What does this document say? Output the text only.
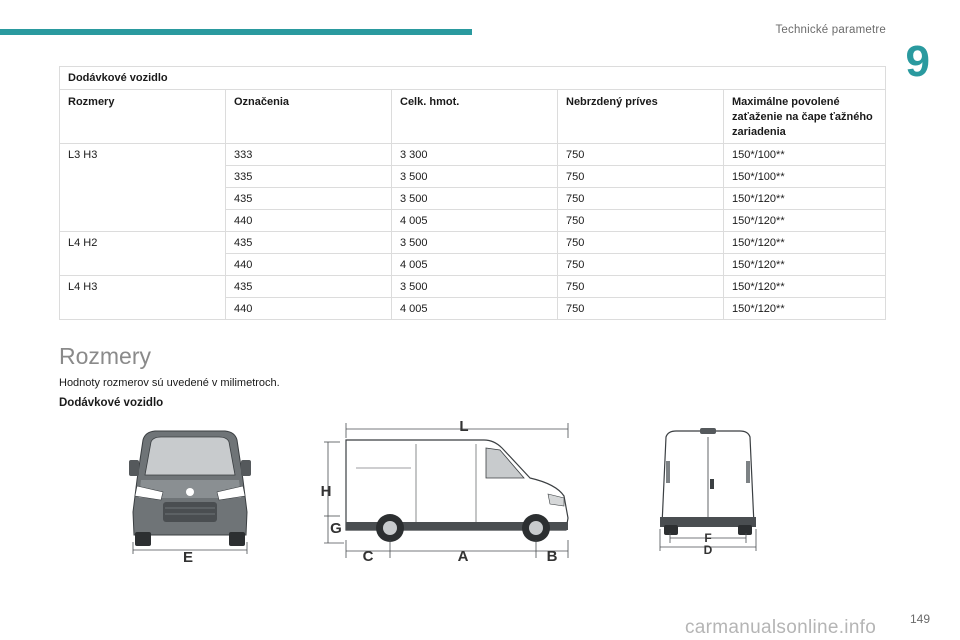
Technické parametre
9
Dodávkové vozidlo				
Rozmery	Označenia	Celk. hmot.	Nebrzdený príves	Maximálne povolené zaťaženie na čape ťažného zariadenia
L3 H3	333	3 300	750	150*/100**
	335	3 500	750	150*/100**
	435	3 500	750	150*/120**
	440	4 005	750	150*/120**
L4 H2	435	3 500	750	150*/120**
	440	4 005	750	150*/120**
L4 H3	435	3 500	750	150*/120**
	440	4 005	750	150*/120**
Rozmery
Hodnoty rozmerov sú uvedené v milimetroch.
Dodávkové vozidlo
E
L
H
G
C	A	B
F
D
149
carmanualsonline.info
